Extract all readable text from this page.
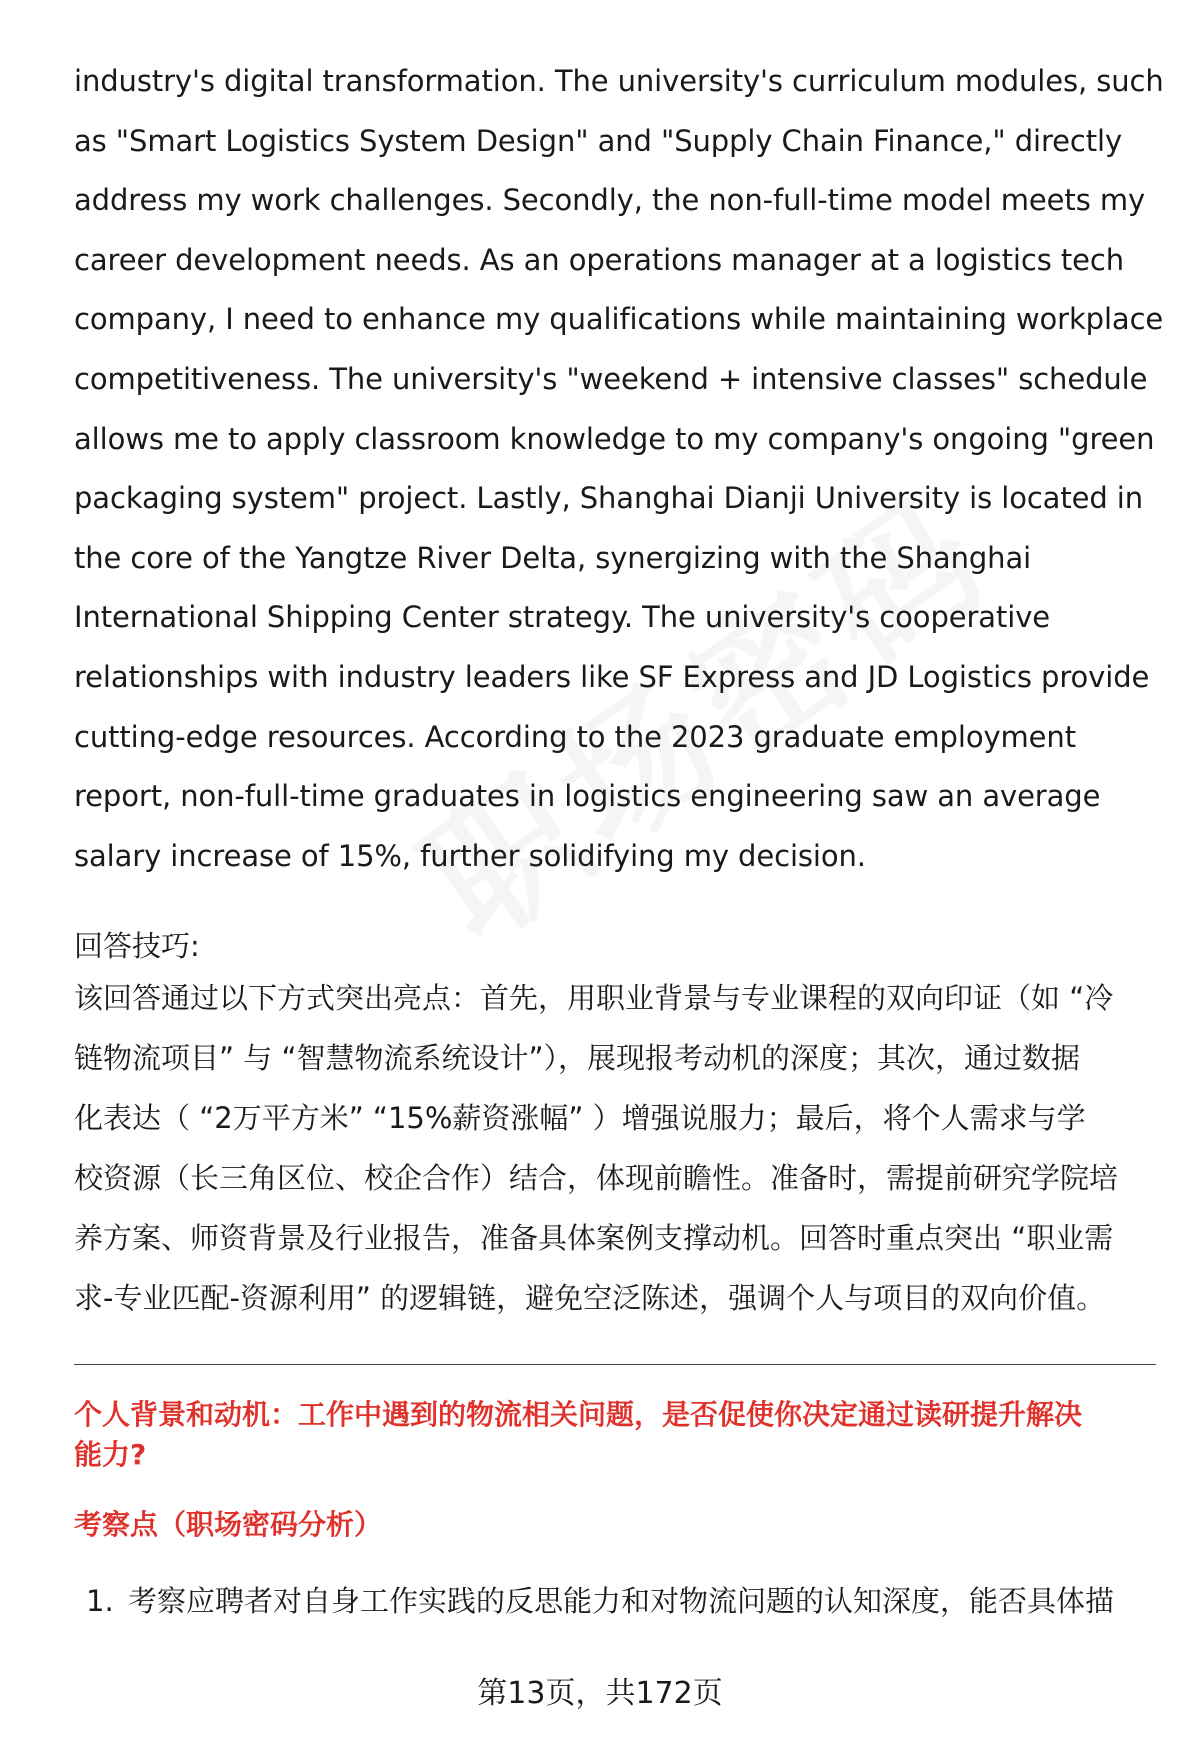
industry's digital transformation. The university's curriculum modules, such
as "Smart Logistics System Design" and "Supply Chain Finance," directly
address my work challenges. Secondly, the non-full-time model meets my
career development needs. As an operations manager at a logistics tech
company, I need to enhance my qualifications while maintaining workplace
competitiveness. The university's "weekend + intensive classes" schedule
allows me to apply classroom knowledge to my company's ongoing "green
packaging system" project. Lastly, Shanghai Dianji University is located in
the core of the Yangtze River Delta, synergizing with the Shanghai
International Shipping Center strategy. The university's cooperative
relationships with industry leaders like SF Express and JD Logistics provide
cutting-edge resources. According to the 2023 graduate employment
report, non-full-time graduates in logistics engineering saw an average
salary increase of 15%, further solidifying my decision.

回答技巧:

该回答通过以下方式突出亮点：首先，用职业背景与专业课程的双向印证（如 “冷
链物流项目” 与 “智慧物流系统设计”），展现报考动机的深度；其次，通过数据
化表达（ “2万平方米” “15%薪资涨幅” ）增强说服力；最后，将个人需求与学
校资源（长三角区位、校企合作）结合，体现前瞻性。准备时，需提前研究学院培
养方案、师资背景及行业报告，准备具体案例支撑动机。回答时重点突出 “职业需
求-专业匹配-资源利用” 的逻辑链，避免空泛陈述，强调个人与项目的双向价值。

个人背景和动机：工作中遇到的物流相关问题，是否促使你决定通过读研提升解决
能力?
考察点（职场密码分析）
1. 考察应聘者对自身工作实践的反思能力和对物流问题的认知深度，能否具体描
第13页，共172页
